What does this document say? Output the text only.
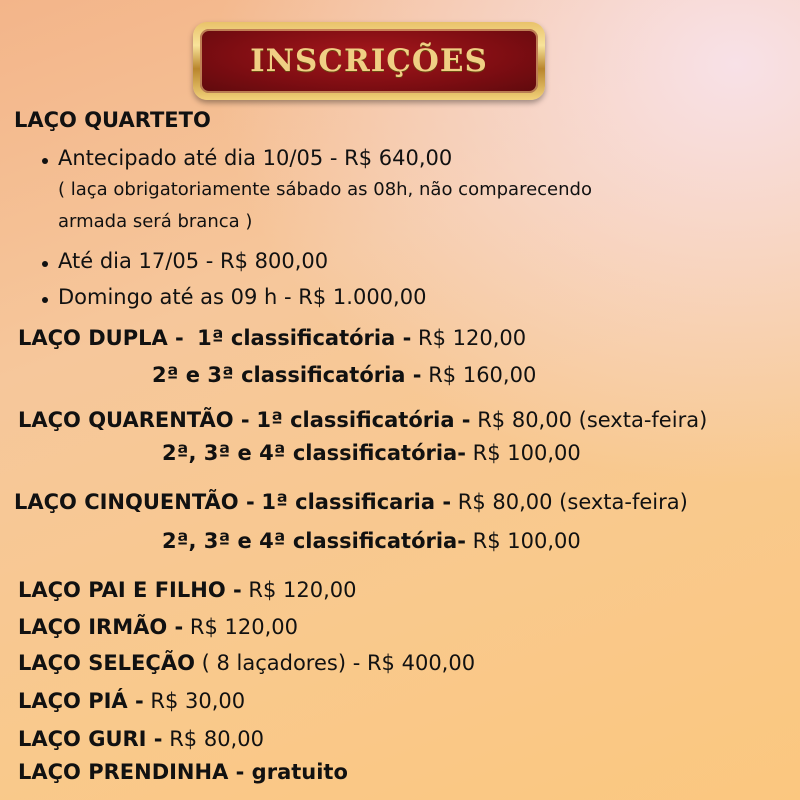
INSCRIÇÕES
LAÇO QUARTETO
Antecipado até dia 10/05 - R$ 640,00
( laça obrigatoriamente sábado as 08h, não comparecendo
armada será branca )
Até dia 17/05 - R$ 800,00
Domingo até as 09 h - R$ 1.000,00
LAÇO DUPLA - 1ª classificatória - R$ 120,00
2ª e 3ª classificatória - R$ 160,00
LAÇO QUARENTÃO - 1ª classificatória - R$ 80,00 (sexta-feira)
2ª, 3ª e 4ª classificatória- R$ 100,00
LAÇO CINQUENTÃO - 1ª classificaria - R$ 80,00 (sexta-feira)
2ª, 3ª e 4ª classificatória- R$ 100,00
LAÇO PAI E FILHO - R$ 120,00
LAÇO IRMÃO - R$ 120,00
LAÇO SELEÇÃO ( 8 laçadores) - R$ 400,00
LAÇO PIÁ - R$ 30,00
LAÇO GURI - R$ 80,00
LAÇO PRENDINHA - gratuito
